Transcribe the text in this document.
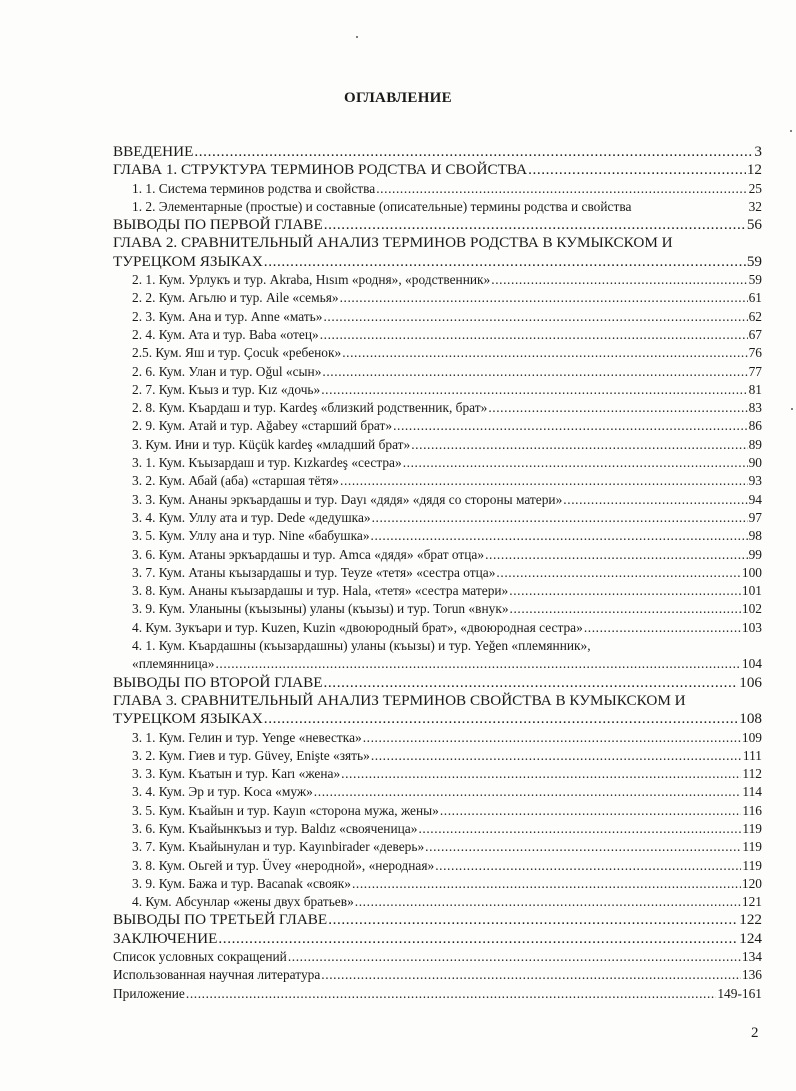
ОГЛАВЛЕНИЕ
ВВЕДЕНИЕ .....	3
ГЛАВА 1. СТРУКТУРА ТЕРМИНОВ РОДСТВА И СВОЙСТВА .....	12
1. 1. Система терминов родства и свойства .....	25
1. 2. Элементарные (простые) и составные (описательные) термины родства и свойства	32
ВЫВОДЫ ПО ПЕРВОЙ ГЛАВЕ .....	56
ГЛАВА 2. СРАВНИТЕЛЬНЫЙ АНАЛИЗ ТЕРМИНОВ РОДСТВА В КУМЫКСКОМ И
ТУРЕЦКОМ ЯЗЫКАХ .....	59
2. 1. Кум. Урлукъ и тур. Akraba, Hısım «родня», «родственник» .....	59
2. 2. Кум. Агьлю и тур. Aile «семья» .....	61
2. 3. Кум. Ана и тур. Anne «мать» .....	62
2. 4. Кум. Ата и тур. Baba «отец» .....	67
2.5. Кум. Яш и тур. Çocuk «ребенок» .....	76
2. 6. Кум. Улан и тур. Oğul «сын» .....	77
2. 7. Кум. Къыз и тур. Kız «дочь» .....	81
2. 8. Кум. Къардаш и тур. Kardeş «близкий родственник, брат» .....	83
2. 9. Кум. Атай и тур. Ağabey «старший брат» .....	86
3. Кум. Ини и тур. Küçük kardeş «младший брат» .....	89
3. 1. Кум. Къызардаш и тур. Kızkardeş «сестра» .....	90
3. 2. Кум. Абай (аба) «старшая тётя» .....	93
3. 3. Кум. Ананы эркъардашы и тур. Dayı «дядя» «дядя со стороны матери» .....	94
3. 4. Кум. Уллу ата и тур. Dede «дедушка» .....	97
3. 5. Кум. Уллу ана и тур. Nine «бабушка» .....	98
3. 6. Кум. Атаны эркъардашы и тур. Amca «дядя» «брат отца» .....	99
3. 7. Кум. Атаны къызардашы и тур. Teyze «тетя» «сестра отца» .....	100
3. 8. Кум. Ананы къызардашы и тур. Hala, «тетя» «сестра матери» .....	101
3. 9. Кум. Уланыны (къызыны) уланы (къызы) и тур. Torun «внук» .....	102
4. Кум. Зукъари и тур. Kuzen, Kuzin «двоюродный брат», «двоюродная сестра» .....	103
4. 1. Кум. Къардашны (къызардашны) уланы (къызы) и тур. Yeğen «племянник»,
«племянница» .....	104
ВЫВОДЫ ПО ВТОРОЙ ГЛАВЕ .....	106
ГЛАВА 3. СРАВНИТЕЛЬНЫЙ АНАЛИЗ ТЕРМИНОВ СВОЙСТВА В КУМЫКСКОМ И
ТУРЕЦКОМ ЯЗЫКАХ .....	108
3. 1. Кум. Гелин и тур. Yenge «невестка» .....	109
3. 2. Кум. Гиев и тур. Güvey, Enişte «зять» .....	111
3. 3. Кум. Къатын и тур. Karı «жена» .....	112
3. 4. Кум. Эр и тур. Koca «муж» .....	114
3. 5. Кум. Къайын и тур. Kayın «сторона мужа, жены» .....	116
3. 6. Кум. Къайынкъыз и тур. Baldız «свояченица» .....	119
3. 7. Кум. Къайынулан и тур. Kayınbirader «деверь» .....	119
3. 8. Кум. Оьгей и тур. Üvey «неродной», «неродная» .....	119
3. 9. Кум. Бажа и тур. Bacanak «свояк» .....	120
4. Кум. Абсунлар «жены двух братьев» .....	121
ВЫВОДЫ ПО ТРЕТЬЕЙ ГЛАВЕ .....	122
ЗАКЛЮЧЕНИЕ .....	124
Список условных сокращений .....	134
Использованная научная литература .....	136
Приложение .....	149-161
2
